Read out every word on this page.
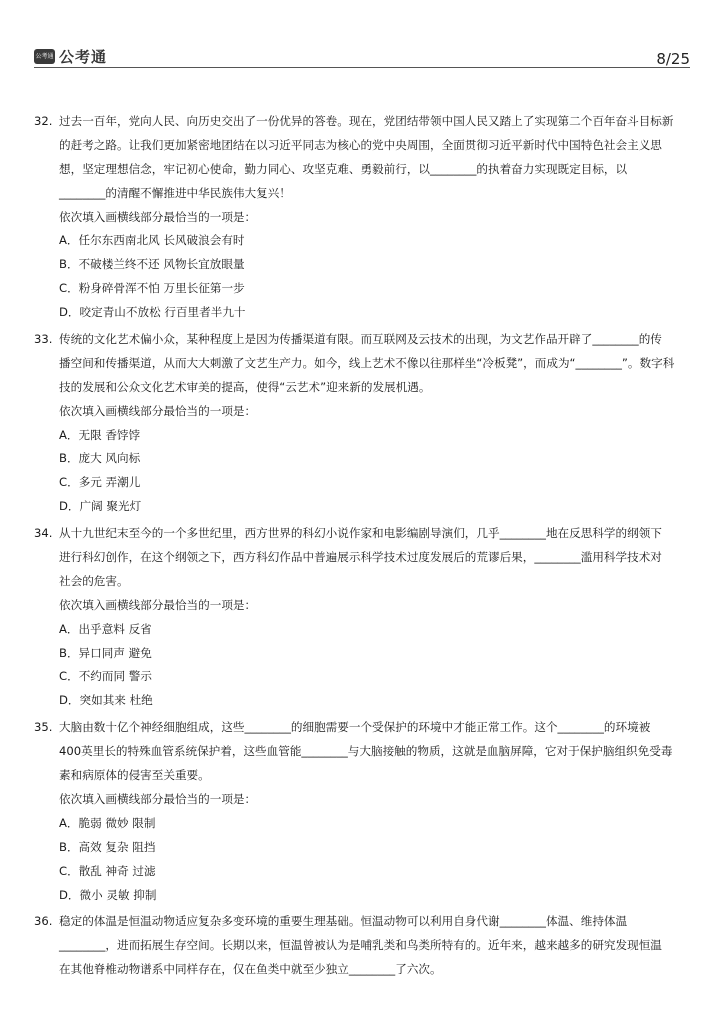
公考通 公考通	8/25
32. 过去一百年，党向人民、向历史交出了一份优异的答卷。现在，党团结带领中国人民又踏上了实现第二个百年奋斗目标新
的赶考之路。让我们更加紧密地团结在以习近平同志为核心的党中央周围，全面贯彻习近平新时代中国特色社会主义思
想，坚定理想信念，牢记初心使命，勤力同心、攻坚克难、勇毅前行，以________的执着奋力实现既定目标，以
________的清醒不懈推进中华民族伟大复兴！
依次填入画横线部分最恰当的一项是：
A．任尔东西南北风 长风破浪会有时
B．不破楼兰终不还 风物长宜放眼量
C．粉身碎骨浑不怕 万里长征第一步
D．咬定青山不放松 行百里者半九十
33. 传统的文化艺术偏小众，某种程度上是因为传播渠道有限。而互联网及云技术的出现，为文艺作品开辟了________的传
播空间和传播渠道，从而大大刺激了文艺生产力。如今，线上艺术不像以往那样坐“冷板凳”，而成为“________”。数字科
技的发展和公众文化艺术审美的提高，使得“云艺术”迎来新的发展机遇。
依次填入画横线部分最恰当的一项是：
A．无限 香饽饽
B．庞大 风向标
C．多元 弄潮儿
D．广阔 聚光灯
34. 从十九世纪末至今的一个多世纪里，西方世界的科幻小说作家和电影编剧导演们，几乎________地在反思科学的纲领下
进行科幻创作，在这个纲领之下，西方科幻作品中普遍展示科学技术过度发展后的荒谬后果，________滥用科学技术对
社会的危害。
依次填入画横线部分最恰当的一项是：
A．出乎意料 反省
B．异口同声 避免
C．不约而同 警示
D．突如其来 杜绝
35. 大脑由数十亿个神经细胞组成，这些________的细胞需要一个受保护的环境中才能正常工作。这个________的环境被
400英里长的特殊血管系统保护着，这些血管能________与大脑接触的物质，这就是血脑屏障，它对于保护脑组织免受毒
素和病原体的侵害至关重要。
依次填入画横线部分最恰当的一项是：
A．脆弱 微妙 限制
B．高效 复杂 阻挡
C．散乱 神奇 过滤
D．微小 灵敏 抑制
36. 稳定的体温是恒温动物适应复杂多变环境的重要生理基础。恒温动物可以利用自身代谢________体温、维持体温
________，进而拓展生存空间。长期以来，恒温曾被认为是哺乳类和鸟类所特有的。近年来，越来越多的研究发现恒温
在其他脊椎动物谱系中同样存在，仅在鱼类中就至少独立________了六次。
